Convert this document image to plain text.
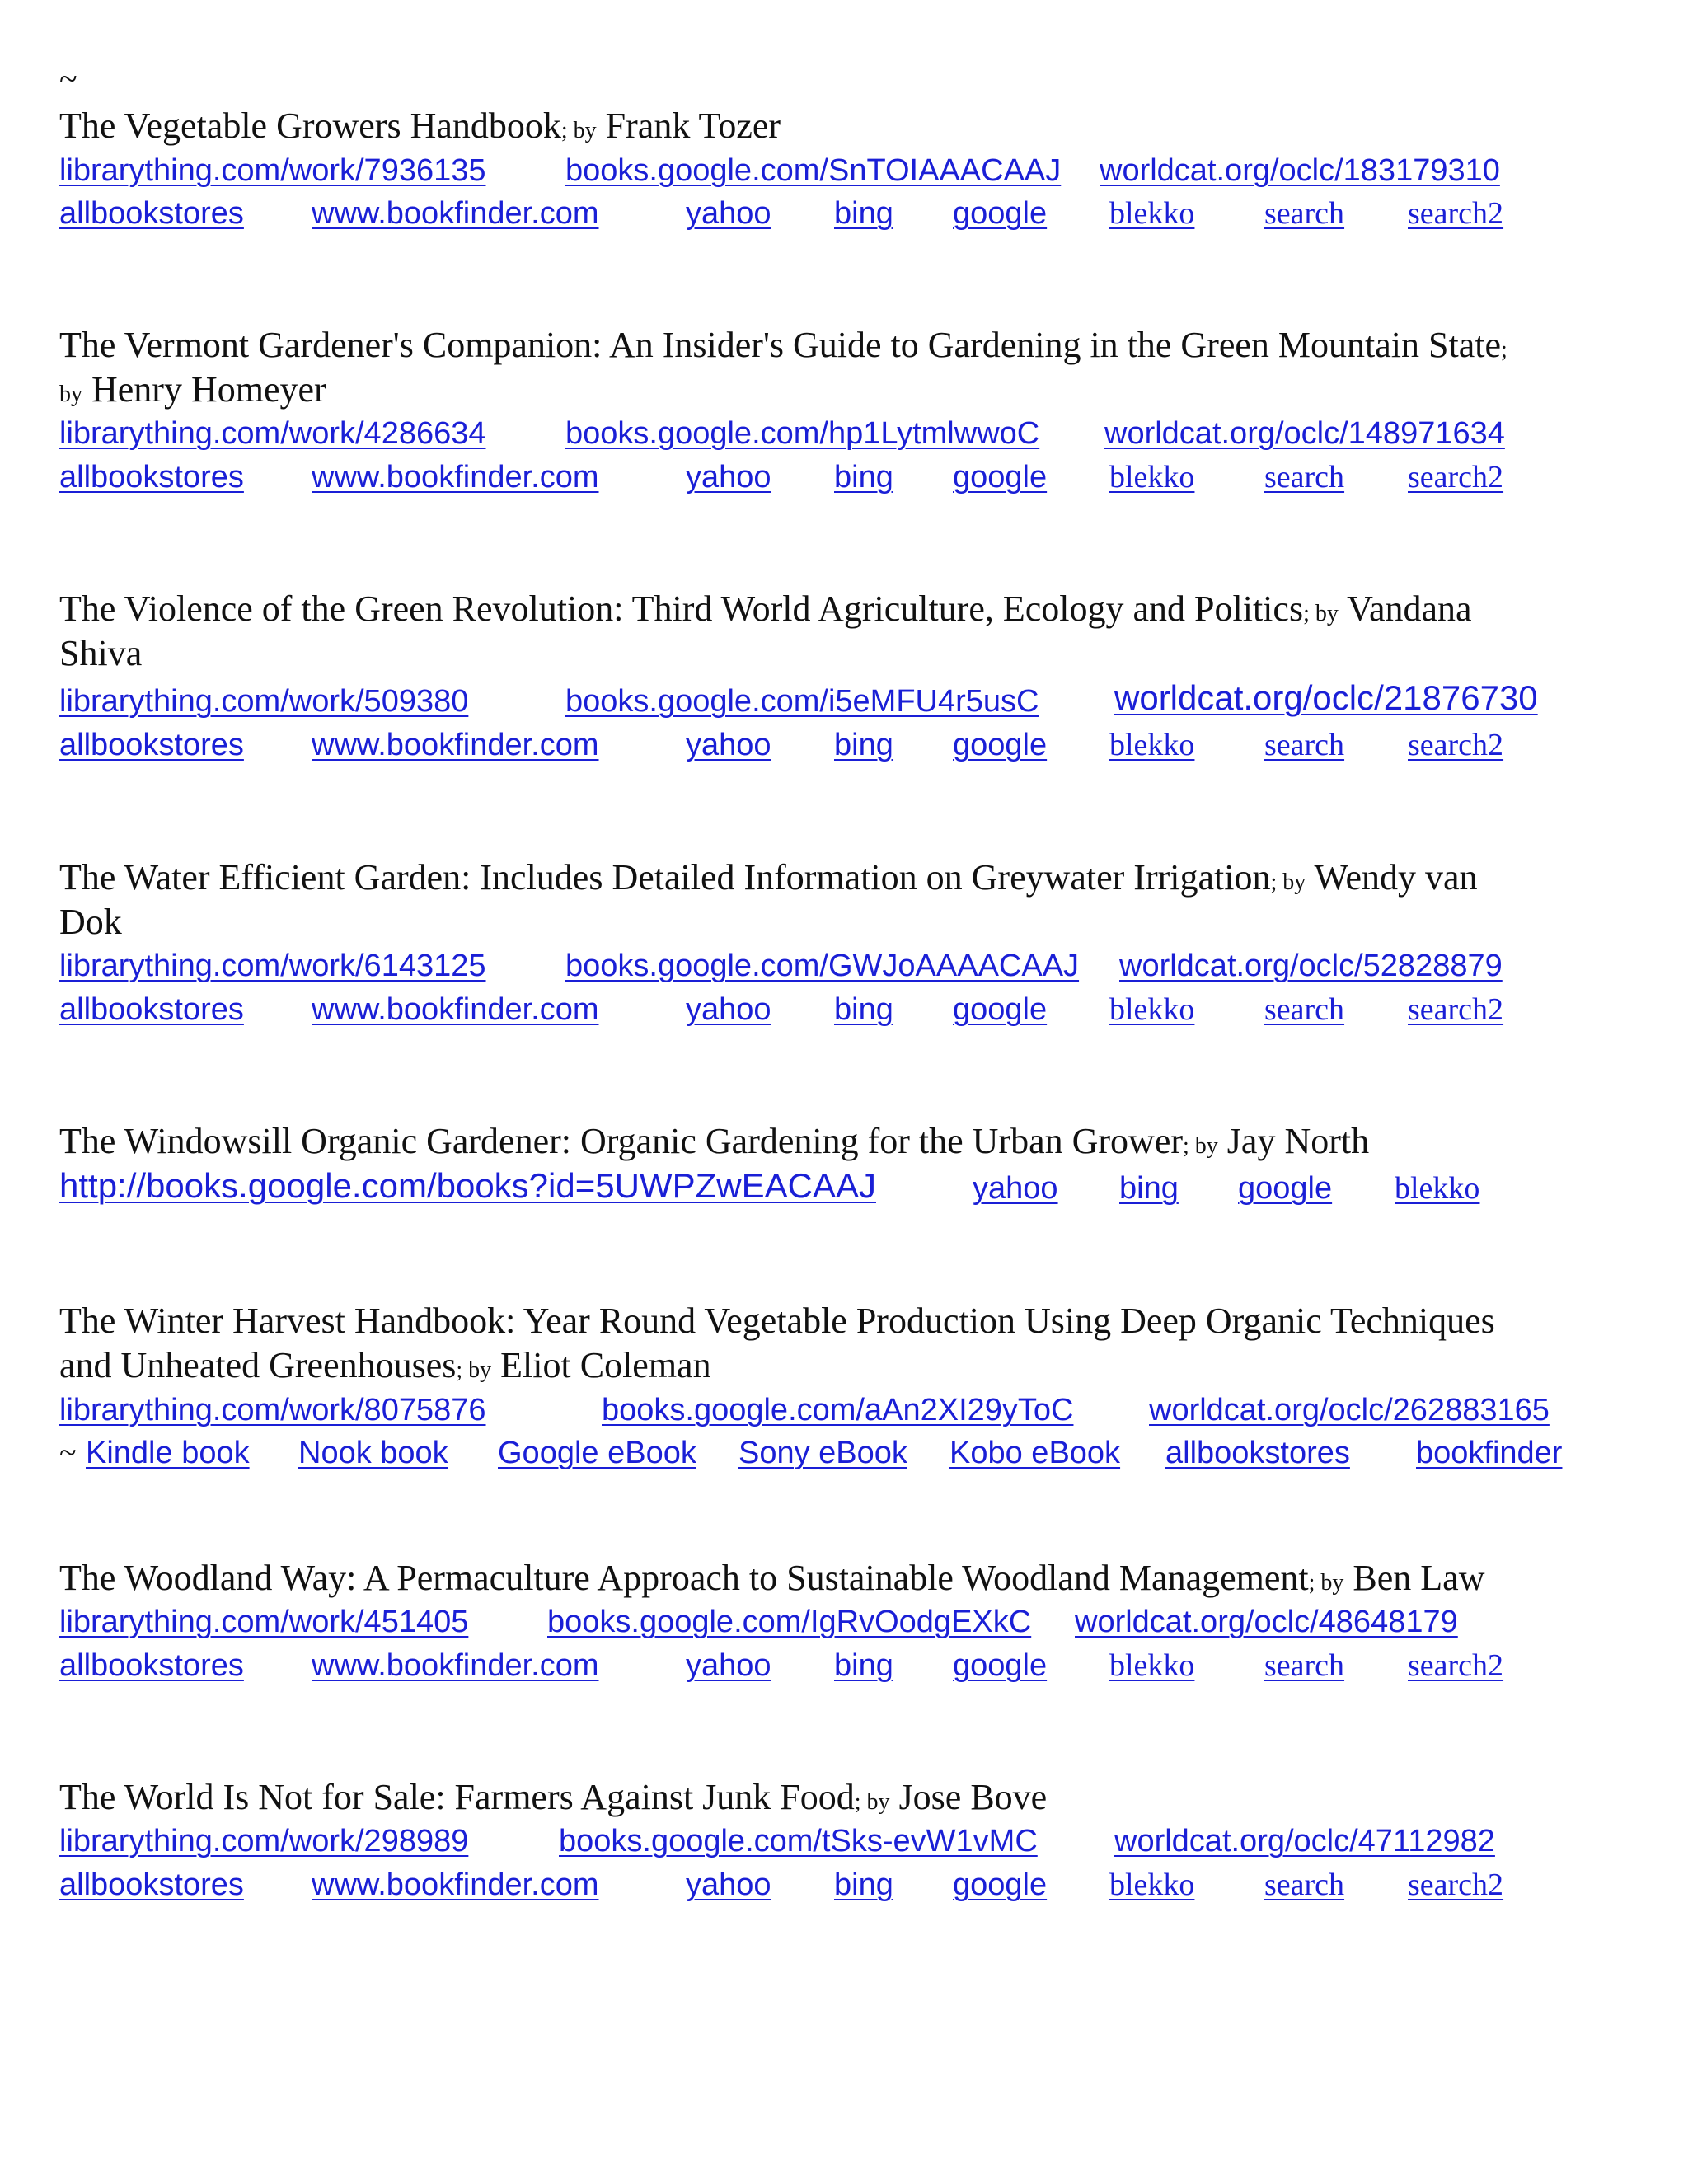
~
The Vegetable Growers Handbook; by Frank Tozer
librarything.com/work/7936135	books.google.com/SnTOIAAACAAJ worldcat.org/oclc/183179310
allbookstores www.bookfinder.com	yahoo bing google blekko search search2
The Vermont Gardener's Companion: An Insider's Guide to Gardening in the Green Mountain State;
by Henry Homeyer
librarything.com/work/4286634	books.google.com/hp1LytmlwwoC worldcat.org/oclc/148971634
allbookstores www.bookfinder.com	yahoo bing google blekko search search2
The Violence of the Green Revolution: Third World Agriculture, Ecology and Politics; by Vandana
Shiva
librarything.com/work/509380	books.google.com/i5eMFU4r5usC worldcat.org/oclc/21876730
allbookstores www.bookfinder.com	yahoo bing google blekko search search2
The Water Efficient Garden: Includes Detailed Information on Greywater Irrigation; by Wendy van
Dok
librarything.com/work/6143125	books.google.com/GWJoAAAACAAJ worldcat.org/oclc/52828879
allbookstores www.bookfinder.com	yahoo bing google blekko search search2
The Windowsill Organic Gardener: Organic Gardening for the Urban Grower; by Jay North
http://books.google.com/books?id=5UWPZwEACAAJ	yahoo bing google blekko
The Winter Harvest Handbook: Year Round Vegetable Production Using Deep Organic Techniques
and Unheated Greenhouses; by Eliot Coleman
librarything.com/work/8075876	books.google.com/aAn2XI29yToC worldcat.org/oclc/262883165
~ Kindle book Nook book Google eBook Sony eBook Kobo eBook allbookstores bookfinder
The Woodland Way: A Permaculture Approach to Sustainable Woodland Management; by Ben Law
librarything.com/work/451405	books.google.com/IgRvOodgEXkC worldcat.org/oclc/48648179
allbookstores www.bookfinder.com	yahoo bing google blekko search search2
The World Is Not for Sale: Farmers Against Junk Food; by Jose Bove
librarything.com/work/298989	books.google.com/tSks-evW1vMC worldcat.org/oclc/47112982
allbookstores www.bookfinder.com	yahoo bing google blekko search search2
